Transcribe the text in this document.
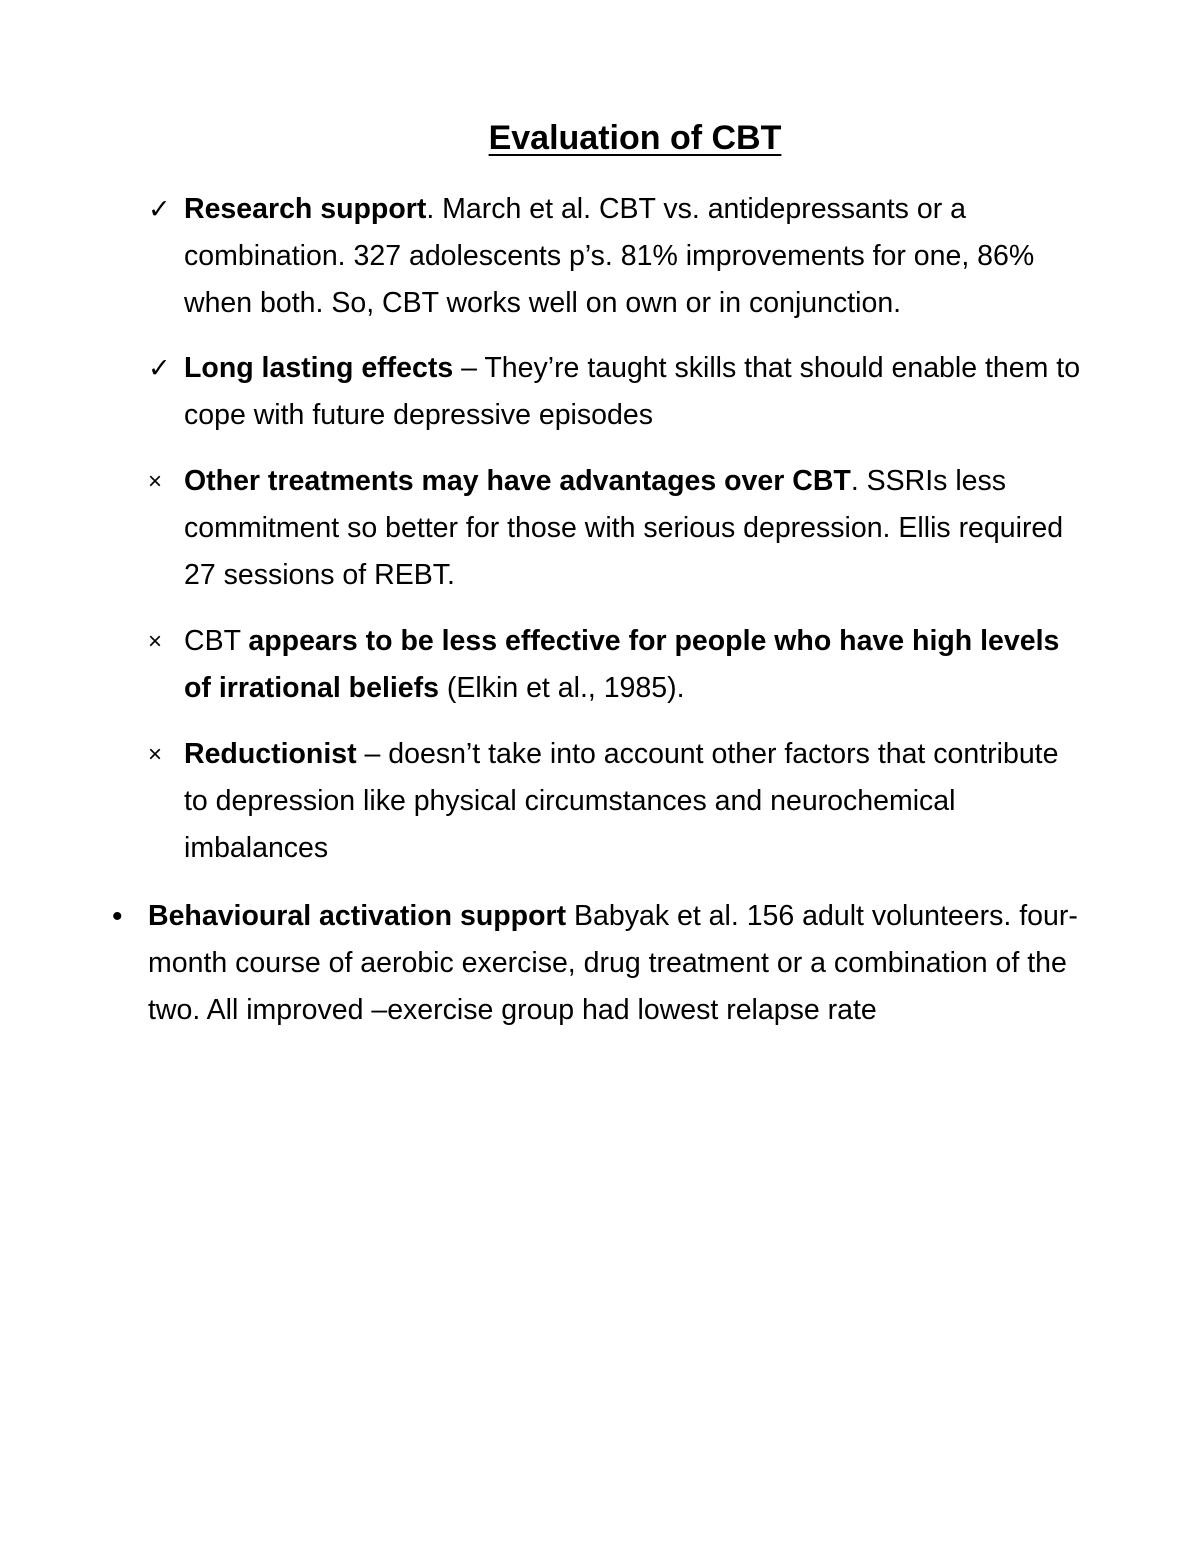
Evaluation of CBT

✓ Research support. March et al. CBT vs. antidepressants or a combination. 327 adolescents p’s. 81% improvements for one, 86% when both. So, CBT works well on own or in conjunction.

✓ Long lasting effects – They’re taught skills that should enable them to cope with future depressive episodes

× Other treatments may have advantages over CBT. SSRIs less commitment so better for those with serious depression. Ellis required 27 sessions of REBT.

× CBT appears to be less effective for people who have high levels of irrational beliefs (Elkin et al., 1985).

× Reductionist – doesn’t take into account other factors that contribute to depression like physical circumstances and neurochemical imbalances

• Behavioural activation support Babyak et al. 156 adult volunteers. four-month course of aerobic exercise, drug treatment or a combination of the two. All improved –exercise group had lowest relapse rate
